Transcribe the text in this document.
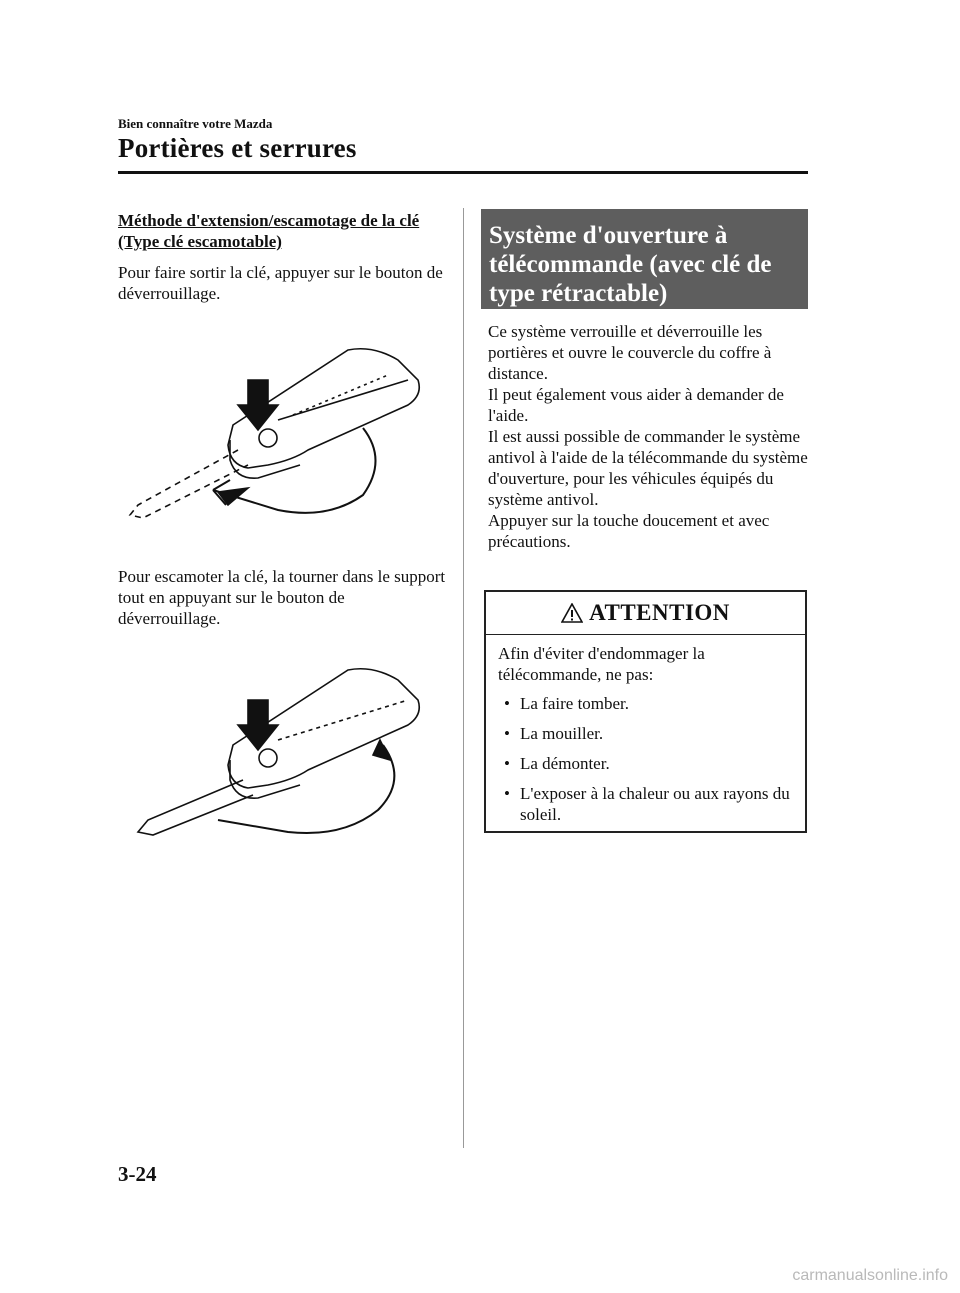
Bien connaître votre Mazda
Portières et serrures
Méthode d'extension/escamotage de la clé (Type clé escamotable)
Pour faire sortir la clé, appuyer sur le bouton de déverrouillage.
Pour escamoter la clé, la tourner dans le support tout en appuyant sur le bouton de déverrouillage.
Système d'ouverture à télécommande (avec clé de type rétractable)
Ce système verrouille et déverrouille les portières et ouvre le couvercle du coffre à distance.
Il peut également vous aider à demander de l'aide.
Il est aussi possible de commander le système antivol à l'aide de la télécommande du système d'ouverture, pour les véhicules équipés du système antivol.
Appuyer sur la touche doucement et avec précautions.
ATTENTION

Afin d'éviter d'endommager la télécommande, ne pas:

• La faire tomber.
• La mouiller.
• La démonter.
• L'exposer à la chaleur ou aux rayons du soleil.
3-24
carmanualsonline.info
